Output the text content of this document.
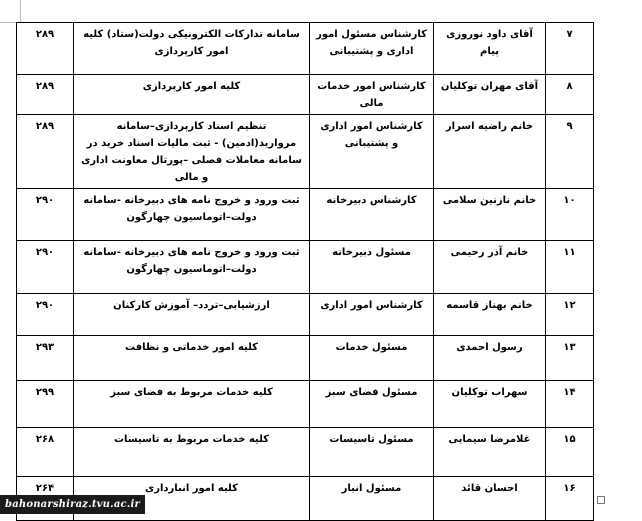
۷	آقای داود نوروزی پیام	کارشناس مسئول امور اداری و پشتیبانی	سامانه تدارکات الکترونیکی دولت(ستاد) کلیه امور کارپردازی	۲۸۹
۸	آقای مهران توکلیان	کارشناس امور خدمات مالی	کلیه امور کارپردازی	۲۸۹
۹	خانم راضیه اسرار	کارشناس امور اداری و پشتیبانی	تنظیم اسناد کارپردازی–سامانه مروارید(ادمین) - ثبت مالیات اسناد خرید در سامانه معاملات فصلی –پورتال معاونت اداری و مالی	۲۸۹
۱۰	خانم نازنین سلامی	کارشناس دبیرخانه	ثبت ورود و خروج نامه های دبیرخانه -سامانه دولت–اتوماسیون چهارگون	۲۹۰
۱۱	خانم آذر رحیمی	مسئول دبیرخانه	ثبت ورود و خروج نامه های دبیرخانه -سامانه دولت–اتوماسیون چهارگون	۲۹۰
۱۲	خانم بهناز قاسمه	کارشناس امور اداری	ارزشیابی–تردد– آموزش کارکنان	۲۹۰
۱۳	رسول احمدی	مسئول خدمات	کلیه امور خدماتی و نظافت	۲۹۳
۱۴	سهراب توکلیان	مسئول فضای سبز	کلیه خدمات مربوط به فضای سبز	۲۹۹
۱۵	غلامرضا سیمایی	مسئول تاسیسات	کلیه خدمات مربوط به تاسیسات	۲۶۸
۱۶	احسان قائد	مسئول انبار	کلیه امور انبارداری	۲۶۴
bahonarshiraz.tvu.ac.ir
